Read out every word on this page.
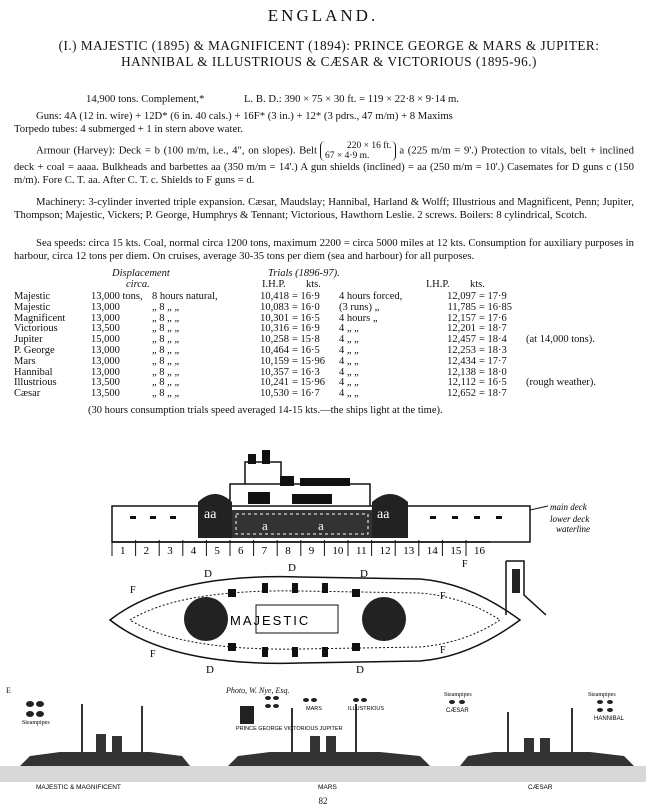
ENGLAND.
(I.) MAJESTIC (1895) & MAGNIFICENT (1894): PRINCE GEORGE & MARS & JUPITER: HANNIBAL & ILLUSTRIOUS & CÆSAR & VICTORIOUS (1895-96.)
14,900 tons. Complement,*	L. B. D.: 390 × 75 × 30 ft. = 119 × 22·8 × 9·14 m.
Guns: 4A (12 in. wire) + 12D* (6 in. 40 cals.) + 16F* (3 in.) + 12* (3 pdrs., 47 m/m) + 8 Maxims
Torpedo tubes: 4 submerged + 1 in stern above water.
Armour (Harvey): Deck = b (100 m/m, i.e., 4", on slopes). Belt	220 × 16 ft.
67 × 4·9 m.	a (225 m/m = 9'.) Protection to vitals, belt + inclined deck + coal = aaaa. Bulkheads and barbettes aa (350 m/m = 14'.) A gun shields (inclined) = aa (250 m/m = 10'.) Casemates for D guns c (150 m/m). Fore C. T. aa. After C. T. c. Shields to F guns = d.
Machinery: 3-cylinder inverted triple expansion. Cæsar, Maudslay; Hannibal, Harland & Wolff; Illustrious and Magnificent, Penn; Jupiter, Thompson; Majestic, Vickers; P. George, Humphrys & Tennant; Victorious, Hawthorn Leslie. 2 screws. Boilers: 8 cylindrical, Scotch.
Sea speeds: circa 15 kts. Coal, normal circa 1200 tons, maximum 2200 = circa 5000 miles at 12 kts. Consumption for auxiliary purposes in harbour, circa 12 tons per diem. On cruises, average 30-35 tons per diem (sea and harbour) for all purposes.
Displacement	Trials (1896-97).
circa.	I.H.P. kts.	I.H.P. kts.
Majestic	13,000 tons,	8 hours natural,	10,418	= 16·9	4 hours forced,	12,097	= 17·9	
Majestic	13,000	„ 8 „ „	10,083	= 16·0	(3 runs) „	11,785	= 16·85	
Magnificent	13,000	„ 8 „ „	10,301	= 16·5	4 hours „	12,157	= 17·6	
Victorious	13,500	„ 8 „ „	10,316	= 16·9	4 „ „	12,201	= 18·7	
Jupiter	15,000	„ 8 „ „	10,258	= 15·8	4 „ „	12,457	= 18·4	(at 14,000 tons).
P. George	13,000	„ 8 „ „	10,464	= 16·5	4 „ „	12,253	= 18·3	
Mars	13,000	„ 8 „ „	10,159	= 15·96	4 „ „	12,434	= 17·7	
Hannibal	13,000	„ 8 „ „	10,357	= 16·3	4 „ „	12,138	= 18·0	
Illustrious	13,500	„ 8 „ „	10,241	= 15·96	4 „ „	12,112	= 16·5	(rough weather).
Cæsar	13,500	„ 8 „ „	10,530	= 16·7	4 „ „	12,652	= 18·7	
(30 hours consumption trials speed averaged 14-15 kts.—the ships light at the time).
aa
a	a
aa	main deck
lower deck
waterline
1 2 3 4 5 6 7 8 9 10 11 12 13 14 15 16
MAJESTIC
D	D	D
D	D
F
F
F
F
F
Photo, W. Nye, Esq.
E
Steampipes
PRINCE GEORGE VICTORIOUS JUPITER
MARS	ILLUSTRIOUS
Steampipes
CÆSAR
Steampipes
HANNIBAL
MAJESTIC & MAGNIFICENT	MARS	CÆSAR
82
